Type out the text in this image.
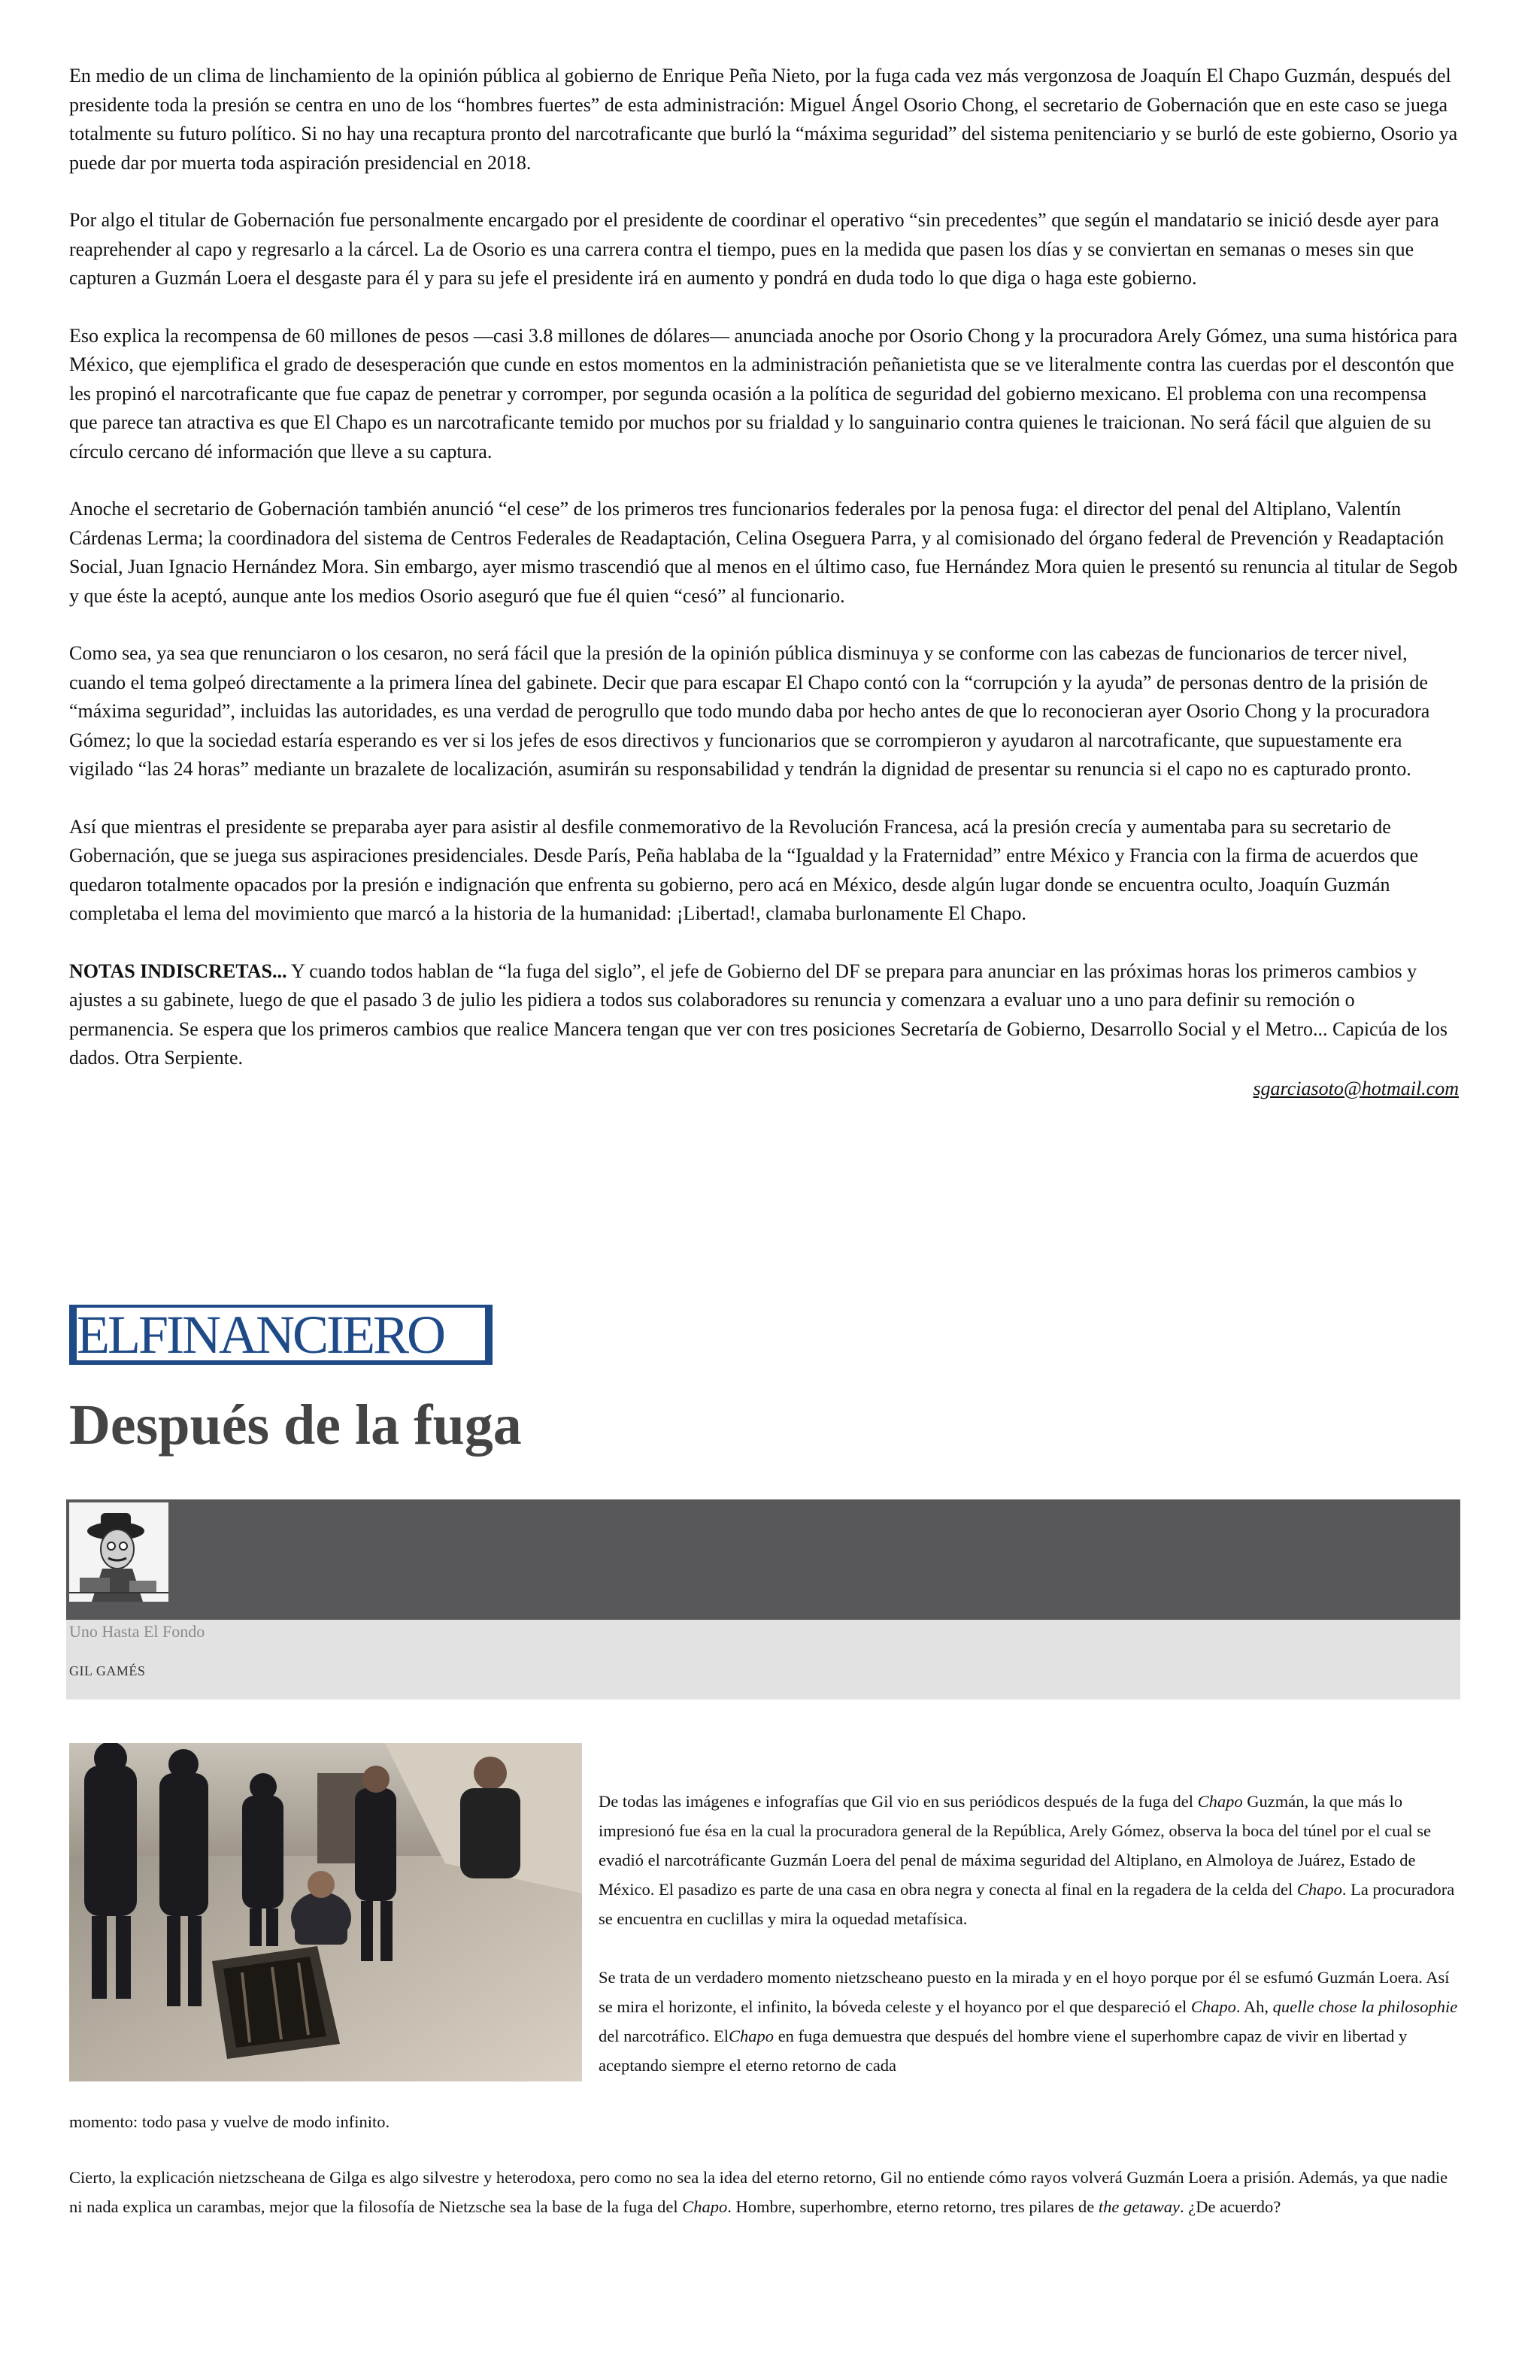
En medio de un clima de linchamiento de la opinión pública al gobierno de Enrique Peña Nieto, por la fuga cada vez más vergonzosa de Joaquín El Chapo Guzmán, después del presidente toda la presión se centra en uno de los “hombres fuertes” de esta administración: Miguel Ángel Osorio Chong, el secretario de Gobernación que en este caso se juega totalmente su futuro político. Si no hay una recaptura pronto del narcotraficante que burló la “máxima seguridad” del sistema penitenciario y se burló de este gobierno, Osorio ya puede dar por muerta toda aspiración presidencial en 2018.

Por algo el titular de Gobernación fue personalmente encargado por el presidente de coordinar el operativo “sin precedentes” que según el mandatario se inició desde ayer para reaprehender al capo y regresarlo a la cárcel. La de Osorio es una carrera contra el tiempo, pues en la medida que pasen los días y se conviertan en semanas o meses sin que capturen a Guzmán Loera el desgaste para él y para su jefe el presidente irá en aumento y pondrá en duda todo lo que diga o haga este gobierno.

Eso explica la recompensa de 60 millones de pesos —casi 3.8 millones de dólares— anunciada anoche por Osorio Chong y la procuradora Arely Gómez, una suma histórica para México, que ejemplifica el grado de desesperación que cunde en estos momentos en la administración peñanietista que se ve literalmente contra las cuerdas por el descontón que les propinó el narcotraficante que fue capaz de penetrar y corromper, por segunda ocasión a la política de seguridad del gobierno mexicano. El problema con una recompensa que parece tan atractiva es que El Chapo es un narcotraficante temido por muchos por su frialdad y lo sanguinario contra quienes le traicionan. No será fácil que alguien de su círculo cercano dé información que lleve a su captura.

Anoche el secretario de Gobernación también anunció “el cese” de los primeros tres funcionarios federales por la penosa fuga: el director del penal del Altiplano, Valentín Cárdenas Lerma; la coordinadora del sistema de Centros Federales de Readaptación, Celina Oseguera Parra, y al comisionado del órgano federal de Prevención y Readaptación Social, Juan Ignacio Hernández Mora. Sin embargo, ayer mismo trascendió que al menos en el último caso, fue Hernández Mora quien le presentó su renuncia al titular de Segob y que éste la aceptó, aunque ante los medios Osorio aseguró que fue él quien “cesó” al funcionario.

Como sea, ya sea que renunciaron o los cesaron, no será fácil que la presión de la opinión pública disminuya y se conforme con las cabezas de funcionarios de tercer nivel, cuando el tema golpeó directamente a la primera línea del gabinete. Decir que para escapar El Chapo contó con la “corrupción y la ayuda” de personas dentro de la prisión de “máxima seguridad”, incluidas las autoridades, es una verdad de perogrullo que todo mundo daba por hecho antes de que lo reconocieran ayer Osorio Chong y la procuradora Gómez; lo que la sociedad estaría esperando es ver si los jefes de esos directivos y funcionarios que se corrompieron y ayudaron al narcotraficante, que supuestamente era vigilado “las 24 horas” mediante un brazalete de localización, asumirán su responsabilidad y tendrán la dignidad de presentar su renuncia si el capo no es capturado pronto.

Así que mientras el presidente se preparaba ayer para asistir al desfile conmemorativo de la Revolución Francesa, acá la presión crecía y aumentaba para su secretario de Gobernación, que se juega sus aspiraciones presidenciales. Desde París, Peña hablaba de la “Igualdad y la Fraternidad” entre México y Francia con la firma de acuerdos que quedaron totalmente opacados por la presión e indignación que enfrenta su gobierno, pero acá en México, desde algún lugar donde se encuentra oculto, Joaquín Guzmán completaba el lema del movimiento que marcó a la historia de la humanidad: ¡Libertad!, clamaba burlonamente El Chapo.

NOTAS INDISCRETAS... Y cuando todos hablan de “la fuga del siglo”, el jefe de Gobierno del DF se prepara para anunciar en las próximas horas los primeros cambios y ajustes a su gabinete, luego de que el pasado 3 de julio les pidiera a todos sus colaboradores su renuncia y comenzara a evaluar uno a uno para definir su remoción o permanencia. Se espera que los primeros cambios que realice Mancera tengan que ver con tres posiciones Secretaría de Gobierno, Desarrollo Social y el Metro... Capicúa de los dados. Otra Serpiente.

sgarciasoto@hotmail.com
ELFINANCIERO
Después de la fuga
Uno Hasta El Fondo
GIL GAMÉS

De todas las imágenes e infografías que Gil vio en sus periódicos después de la fuga del Chapo Guzmán, la que más lo impresionó fue ésa en la cual la procuradora general de la República, Arely Gómez, observa la boca del túnel por el cual se evadió el narcotráficante Guzmán Loera del penal de máxima seguridad del Altiplano, en Almoloya de Juárez, Estado de México. El pasadizo es parte de una casa en obra negra y conecta al final en la regadera de la celda del Chapo. La procuradora se encuentra en cuclillas y mira la oquedad metafísica.

Se trata de un verdadero momento nietzscheano puesto en la mirada y en el hoyo porque por él se esfumó Guzmán Loera. Así se mira el horizonte, el infinito, la bóveda celeste y el hoyanco por el que despareció el Chapo. Ah, quelle chose la philosophie del narcotráfico. ElChapo en fuga demuestra que después del hombre viene el superhombre capaz de vivir en libertad y aceptando siempre el eterno retorno de cada

momento: todo pasa y vuelve de modo infinito.

Cierto, la explicación nietzscheana de Gilga es algo silvestre y heterodoxa, pero como no sea la idea del eterno retorno, Gil no entiende cómo rayos volverá Guzmán Loera a prisión. Además, ya que nadie ni nada explica un carambas, mejor que la filosofía de Nietzsche sea la base de la fuga del Chapo. Hombre, superhombre, eterno retorno, tres pilares de the getaway. ¿De acuerdo?
